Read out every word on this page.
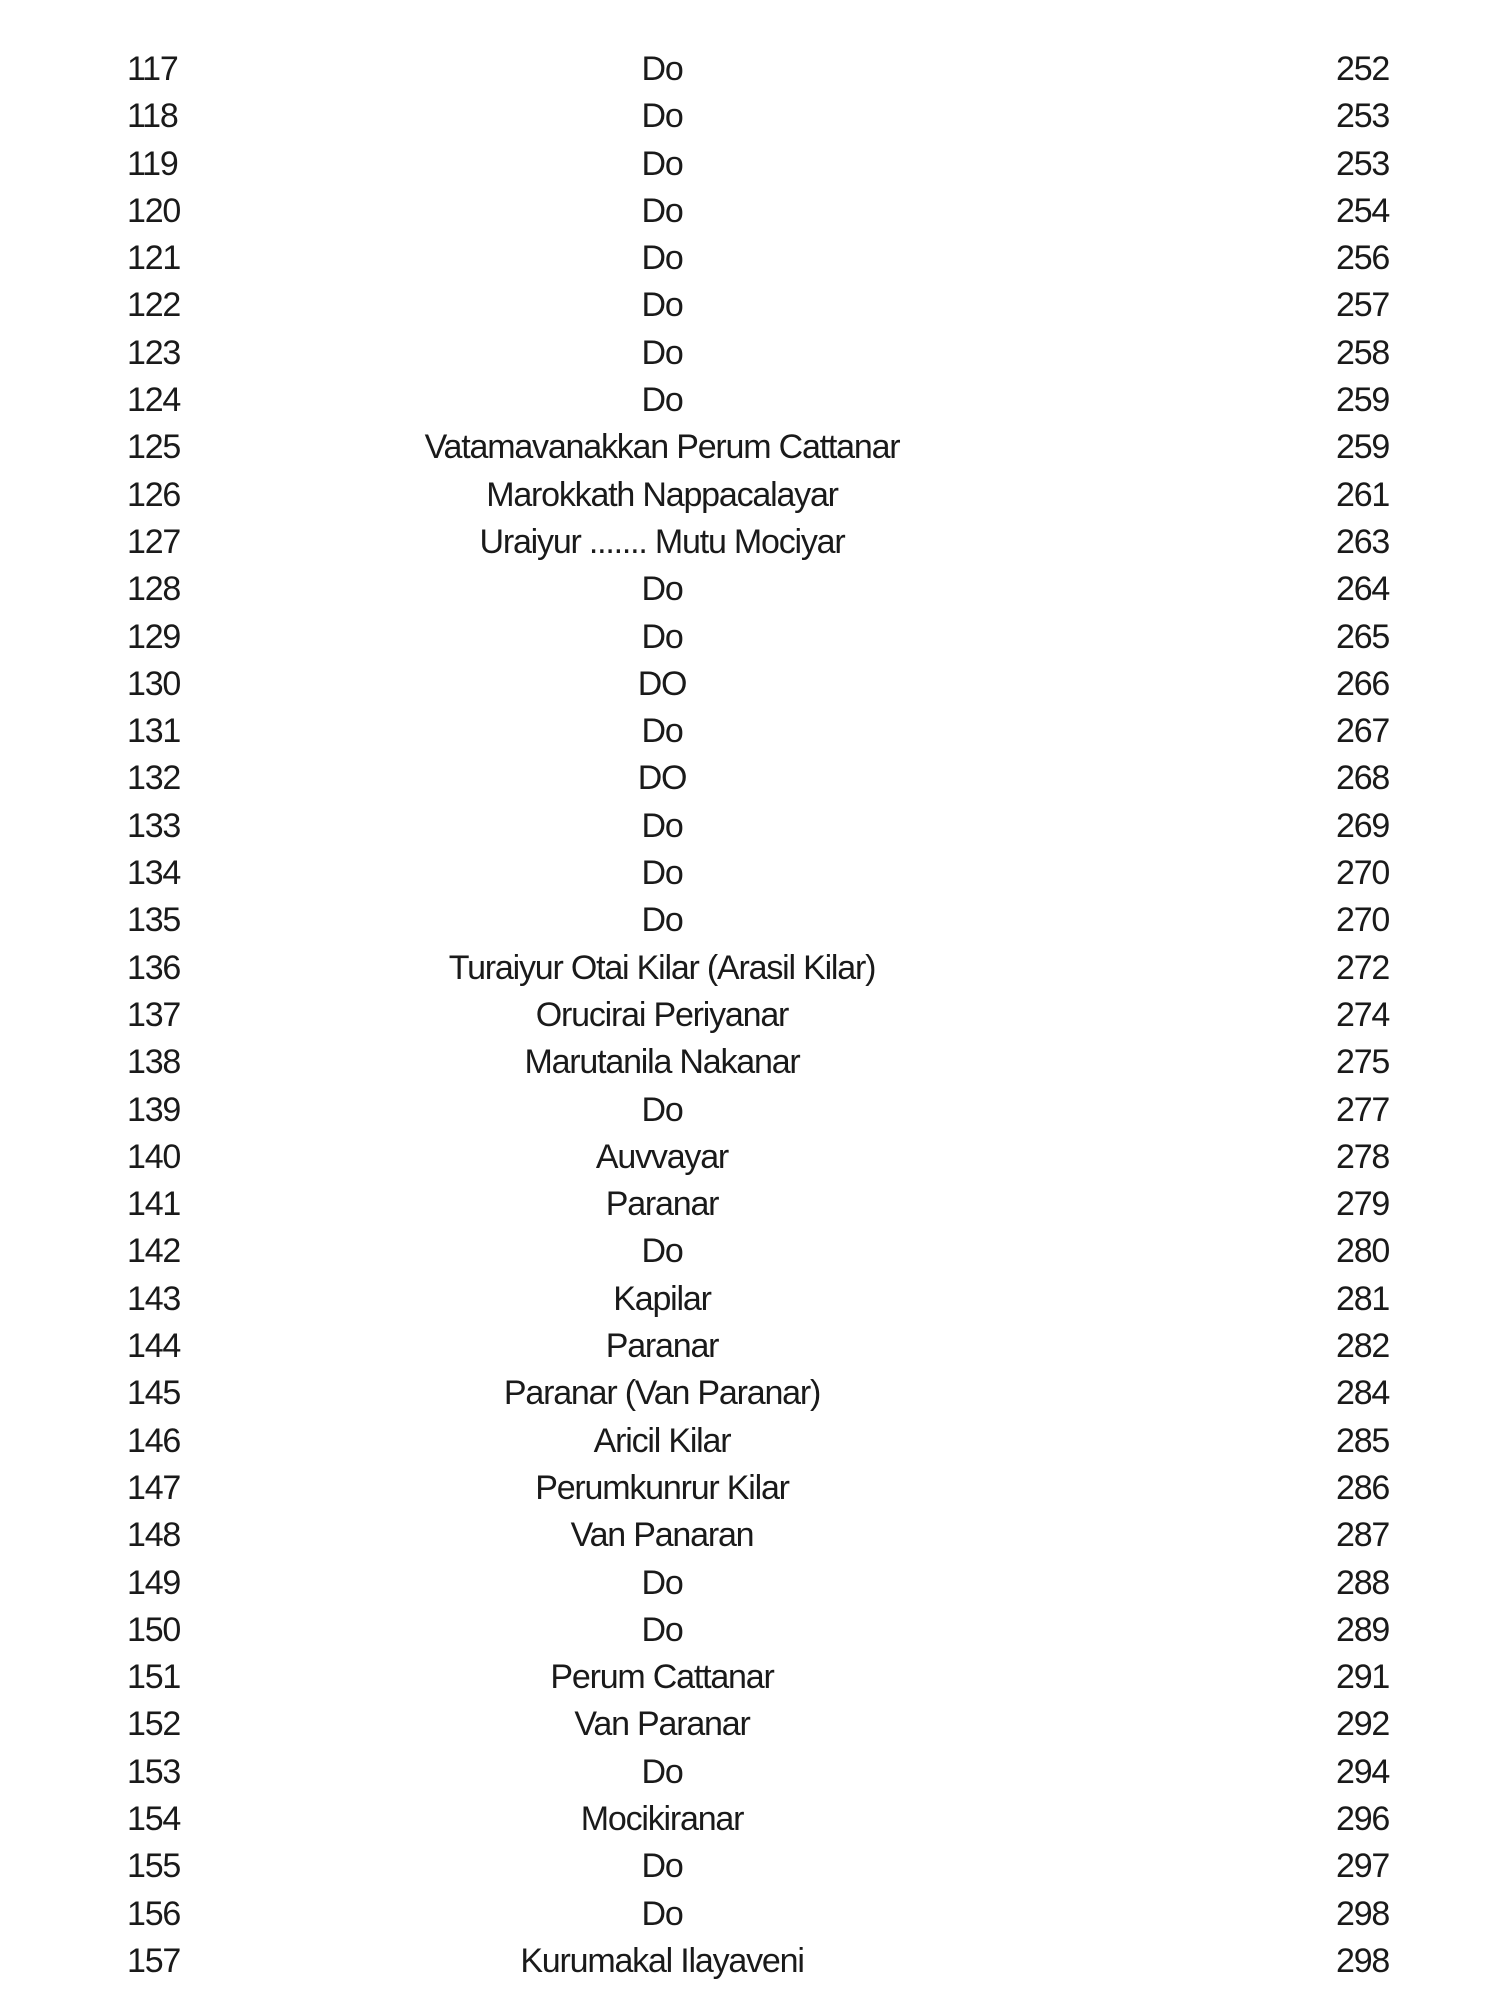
117	Do	252
118	Do	253
119	Do	253
120	Do	254
121	Do	256
122	Do	257
123	Do	258
124	Do	259
125	Vatamavanakkan Perum Cattanar	259
126	Marokkath Nappacalayar	261
127	Uraiyur ....... Mutu Mociyar	263
128	Do	264
129	Do	265
130	DO	266
131	Do	267
132	DO	268
133	Do	269
134	Do	270
135	Do	270
136	Turaiyur Otai Kilar (Arasil Kilar)	272
137	Orucirai Periyanar	274
138	Marutanila Nakanar	275
139	Do	277
140	Auvvayar	278
141	Paranar	279
142	Do	280
143	Kapilar	281
144	Paranar	282
145	Paranar (Van Paranar)	284
146	Aricil Kilar	285
147	Perumkunrur Kilar	286
148	Van Panaran	287
149	Do	288
150	Do	289
151	Perum Cattanar	291
152	Van Paranar	292
153	Do	294
154	Mocikiranar	296
155	Do	297
156	Do	298
157	Kurumakal Ilayaveni	298
